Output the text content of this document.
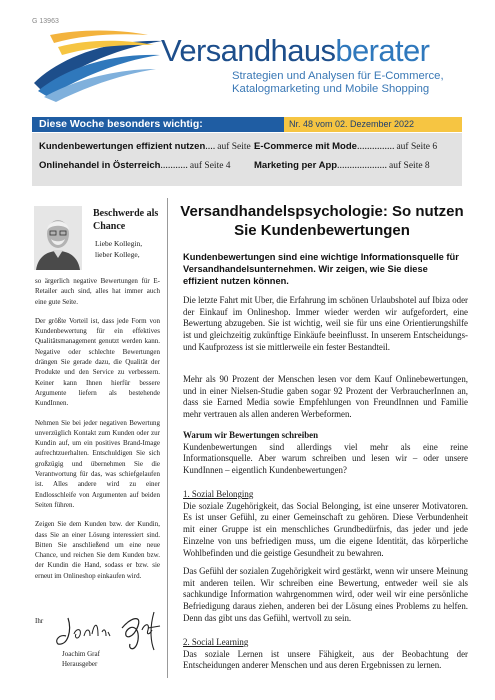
G 13963
Versandhausberater
Strategien und Analysen für E-Commerce,
Katalogmarketing und Mobile Shopping
Diese Woche besonders wichtig:	Nr. 48 vom 02. Dezember 2022
Kundenbewertungen effizient nutzen .... auf Seite 1
Onlinehandel in Österreich ........... auf Seite 4
E-Commerce mit Mode ............... auf Seite 6
Marketing per App .................... auf Seite 8
Beschwerde als Chance
Liebe Kollegin,
lieber Kollege,

so ärgerlich negative Bewertungen für E-Retailer auch sind, alles hat immer auch eine gute Seite.

Der größte Vorteil ist, dass jede Form von Kundenbewertung für ein effektives Qualitätsmanagement genutzt werden kann. Negative oder schlechte Bewertungen drängen Sie gerade dazu, die Qualität der Produkte und den Service zu verbessern. Keiner kann Ihnen hierfür bessere Argumente liefern als bestehende KundInnen.

Nehmen Sie bei jeder negativen Bewertung unverzüglich Kontakt zum Kunden oder zur Kundin auf, um ein positives Brand-Image aufrechtzuerhalten. Entschuldigen Sie sich großzügig und übernehmen Sie die Verantwortung für das, was schiefgelaufen ist. Alles andere wird zu einer Endlosschleife von Argumenten auf beiden Seiten führen.

Zeigen Sie dem Kunden bzw. der Kundin, dass Sie an einer Lösung interessiert sind. Bitten Sie anschließend um eine neue Chance, und reichen Sie dem Kunden bzw. der Kundin die Hand, sodass er bzw. sie erneut im Onlineshop einkaufen wird.

Ihr
Joachim Graf
Herausgeber
Versandhandelspsychologie: So nutzen Sie Kundenbewertungen
Kundenbewertungen sind eine wichtige Informationsquelle für Versandhandelsunternehmen. Wir zeigen, wie Sie diese effizient nutzen können.
Die letzte Fahrt mit Uber, die Erfahrung im schönen Urlaubshotel auf Ibiza oder der Einkauf im Onlineshop. Immer wieder werden wir aufgefordert, eine Bewertung abzugeben. Sie ist wichtig, weil sie für uns eine Orientierungshilfe ist und gleichzeitig zukünftige Einkäufe beeinflusst. In unserem Entscheidungs- und Kaufprozess ist sie mittlerweile ein fester Bestandteil.
Mehr als 90 Prozent der Menschen lesen vor dem Kauf Onlinebewertungen, und in einer Nielsen-Studie gaben sogar 92 Prozent der VerbraucherInnen an, dass sie Earned Media sowie Empfehlungen von FreundInnen und Familie mehr vertrauen als allen anderen Werbeformen.
Warum wir Bewertungen schreiben
Kundenbewertungen sind allerdings viel mehr als eine reine Informationsquelle. Aber warum schreiben und lesen wir – oder unsere KundInnen – eigentlich Kundenbewertungen?
1. Sozial Belonging
Die soziale Zugehörigkeit, das Social Belonging, ist eine unserer Motivatoren. Es ist unser Gefühl, zu einer Gemeinschaft zu gehören. Diese Verbundenheit mit einer Gruppe ist ein menschliches Grundbedürfnis, das jeder und jede Einzelne von uns befriedigen muss, um die eigene Identität, das körperliche Wohlbefinden und die geistige Gesundheit zu bewahren.
Das Gefühl der sozialen Zugehörigkeit wird gestärkt, wenn wir unsere Meinung mit anderen teilen. Wir schreiben eine Bewertung, entweder weil sie als sachkundige Information wahrgenommen wird, oder weil wir eine persönliche Befriedigung daraus ziehen, anderen bei der Lösung eines Problems zu helfen. Denn das gibt uns das Gefühl, wertvoll zu sein.
2. Social Learning
Das soziale Lernen ist unsere Fähigkeit, aus der Beobachtung der Entscheidungen anderer Menschen und aus deren Ergebnissen zu lernen.
